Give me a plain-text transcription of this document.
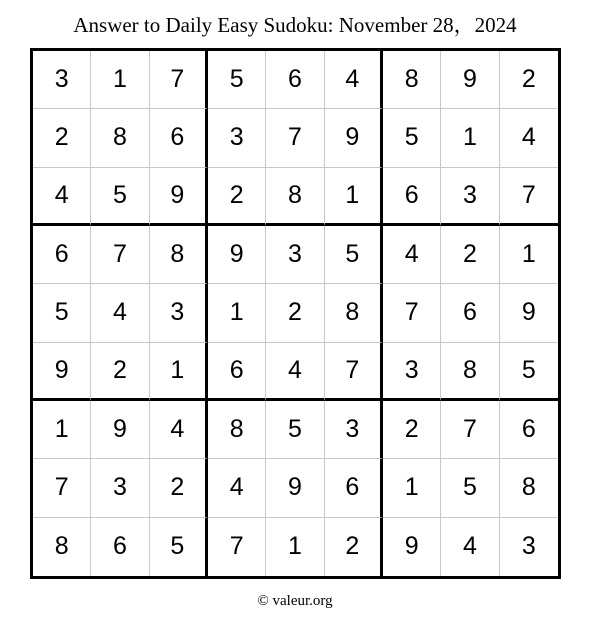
Answer to Daily Easy Sudoku: November 28，2024
3	1	7	5	6	4	8	9	2
2	8	6	3	7	9	5	1	4
4	5	9	2	8	1	6	3	7
6	7	8	9	3	5	4	2	1
5	4	3	1	2	8	7	6	9
9	2	1	6	4	7	3	8	5
1	9	4	8	5	3	2	7	6
7	3	2	4	9	6	1	5	8
8	6	5	7	1	2	9	4	3
© valeur.org
